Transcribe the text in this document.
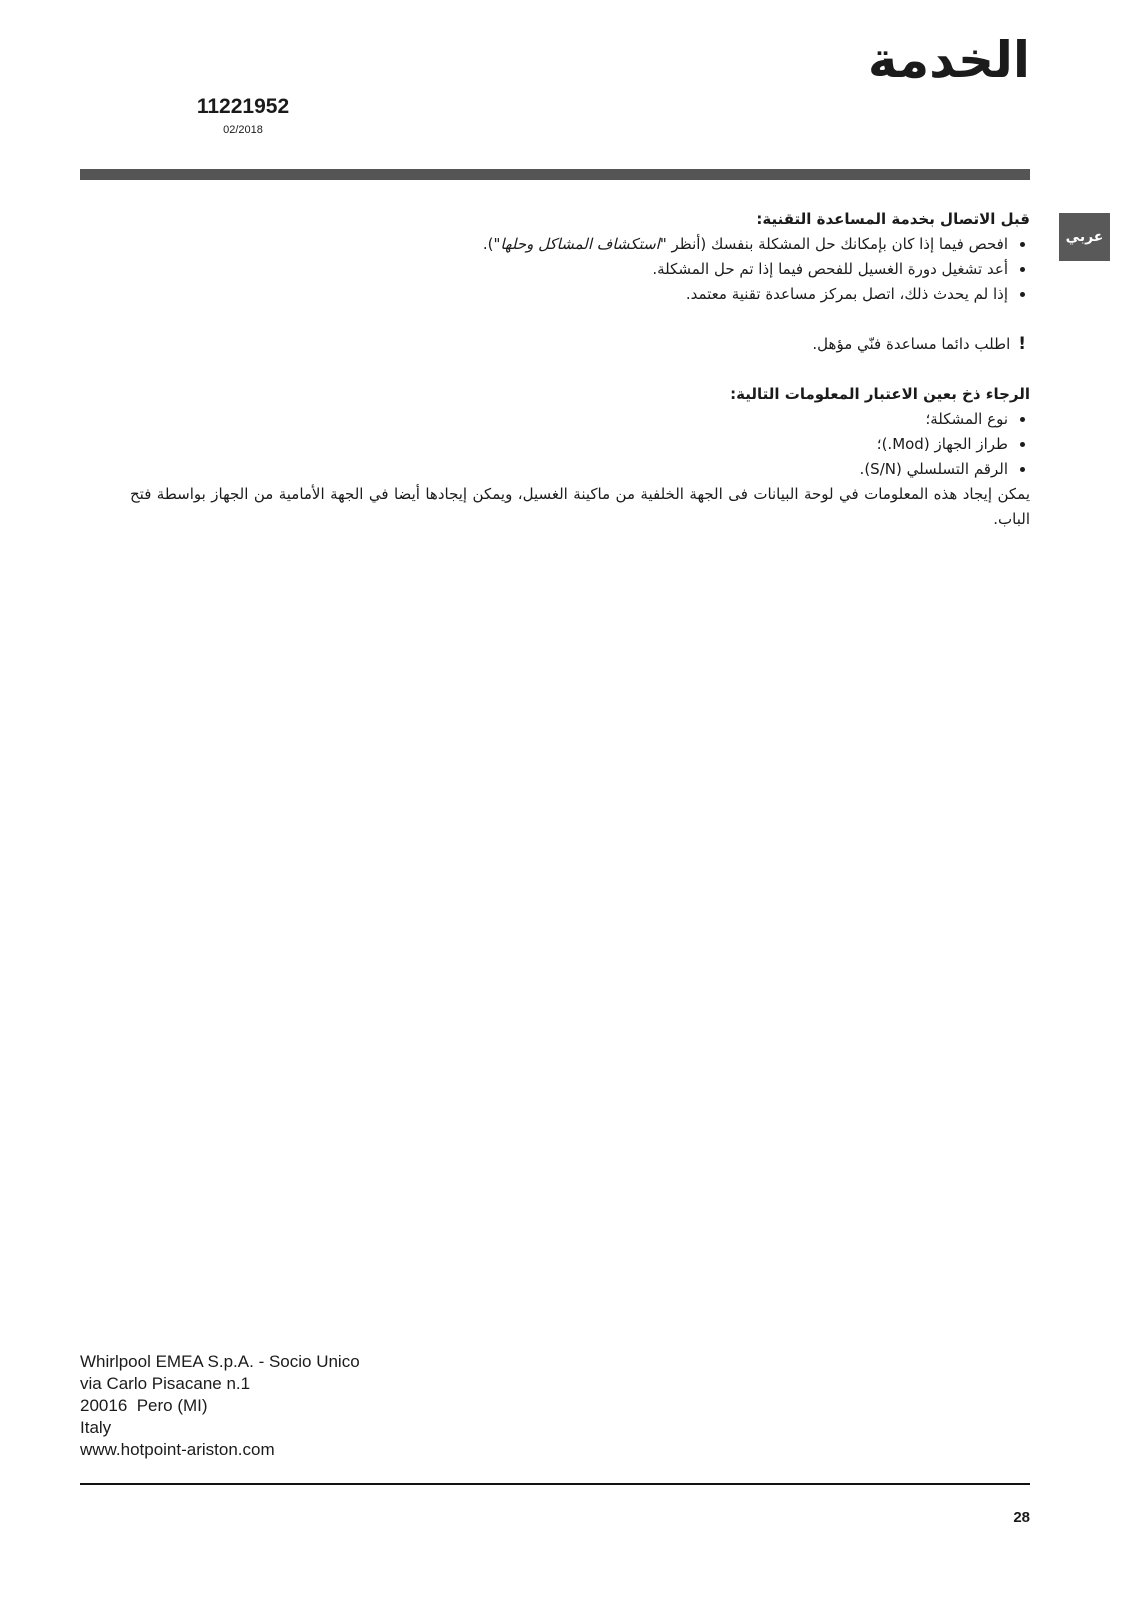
الخدمة
11221952
02/2018
عربي
قبل الاتصال بخدمة المساعدة التقنية:
افحص فيما إذا كان بإمكانك حل المشكلة بنفسك (أنظر "استكشاف المشاكل وحلها").
أعد تشغيل دورة الغسيل للفحص فيما إذا تم حل المشكلة.
إذا لم يحدث ذلك، اتصل بمركز مساعدة تقنية معتمد.
!
اطلب دائما مساعدة فنّي مؤهل.
الرجاء ذخ بعين الاعتبار المعلومات التالية:
نوع المشكلة؛
طراز الجهاز (Mod.)؛
الرقم التسلسلي (S/N).

يمكن إيجاد هذه المعلومات في لوحة البيانات فى الجهة الخلفية من ماكينة الغسيل، ويمكن إيجادها أيضا في الجهة الأمامية من الجهاز بواسطة فتح الباب.

Whirlpool EMEA S.p.A. - Socio Unico
via Carlo Pisacane n.1
20016  Pero (MI)
Italy
www.hotpoint-ariston.com
28
